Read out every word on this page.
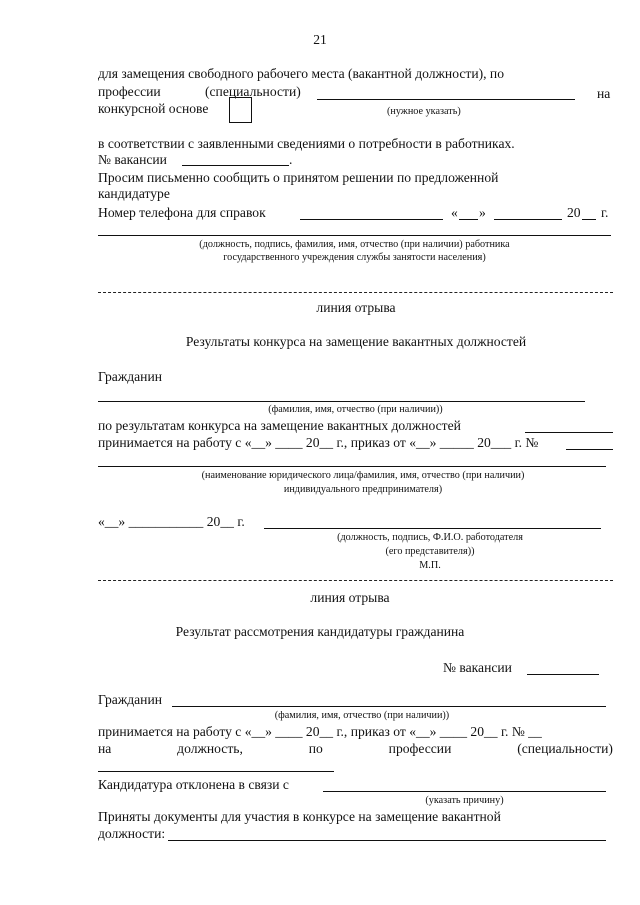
21
для замещения свободного рабочего места (вакантной должности), по
профессии	(специальности)	на
конкурсной основе	(нужное указать)
в соответствии с заявленными сведениями о потребности в работниках.
№ вакансии	.
Просим письменно сообщить о принятом решении по предложенной
кандидатуре
Номер телефона для справок	« »	20 г.
(должность, подпись, фамилия, имя, отчество (при наличии) работника
государственного учреждения службы занятости населения)
линия отрыва
Результаты конкурса на замещение вакантных должностей
Гражданин
(фамилия, имя, отчество (при наличии))
по результатам конкурса на замещение вакантных должностей
принимается на работу с «__» ____ 20__ г., приказ от «__» _____ 20___ г. №
(наименование юридического лица/фамилия, имя, отчество (при наличии)
индивидуального предпринимателя)
«__» ___________ 20__ г.
(должность, подпись, Ф.И.О. работодателя
(его представителя))
М.П.
линия отрыва
Результат рассмотрения кандидатуры гражданина
№ вакансии
Гражданин
(фамилия, имя, отчество (при наличии))
принимается на работу с «__» ____ 20__ г., приказ от «__» ____ 20__ г. № __
на	должность,	по	профессии	(специальности)
Кандидатура отклонена в связи с
(указать причину)
Приняты документы для участия в конкурсе на замещение вакантной
должности:
